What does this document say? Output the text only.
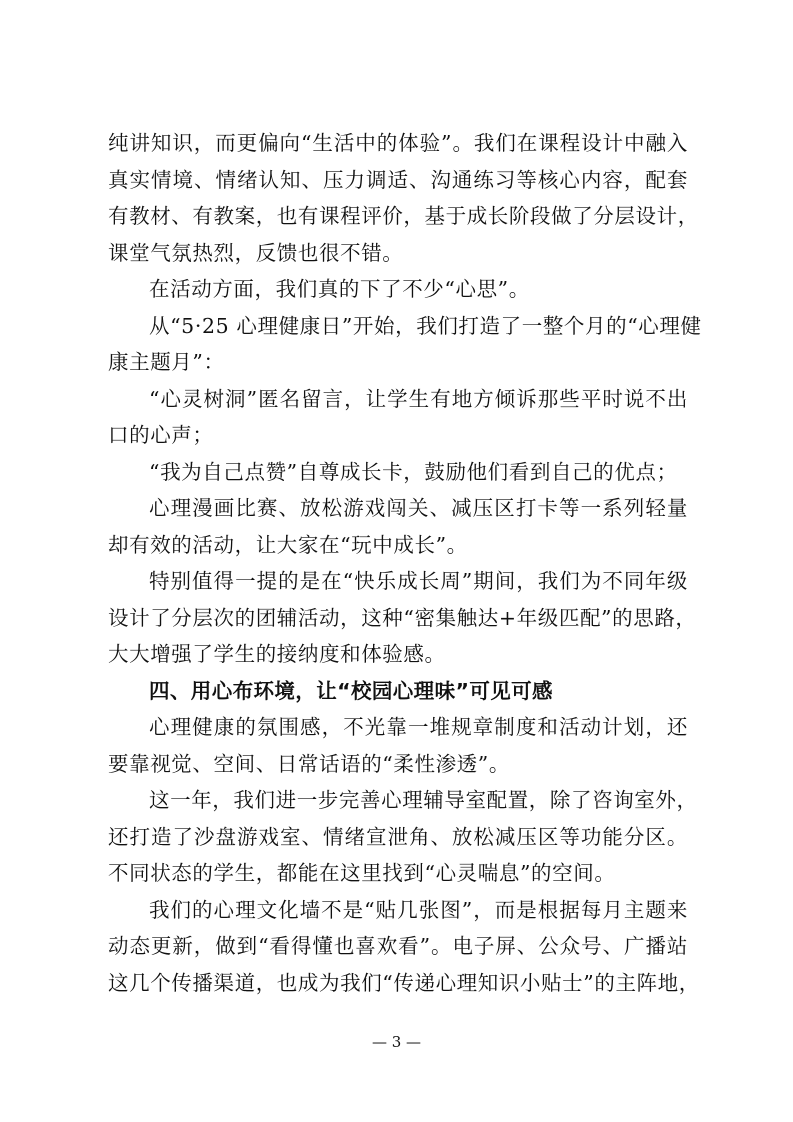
纯讲知识，而更偏向“生活中的体验”。我们在课程设计中融入
真实情境、情绪认知、压力调适、沟通练习等核心内容，配套
有教材、有教案，也有课程评价，基于成长阶段做了分层设计，
课堂气氛热烈，反馈也很不错。
在活动方面，我们真的下了不少“心思”。
从“5·25 心理健康日”开始，我们打造了一整个月的“心理健
康主题月”：
“心灵树洞”匿名留言，让学生有地方倾诉那些平时说不出
口的心声；
“我为自己点赞”自尊成长卡，鼓励他们看到自己的优点；
心理漫画比赛、放松游戏闯关、减压区打卡等一系列轻量
却有效的活动，让大家在“玩中成长”。
特别值得一提的是在“快乐成长周”期间，我们为不同年级
设计了分层次的团辅活动，这种“密集触达+年级匹配”的思路，
大大增强了学生的接纳度和体验感。
四、用心布环境，让“校园心理味”可见可感
心理健康的氛围感，不光靠一堆规章制度和活动计划，还
要靠视觉、空间、日常话语的“柔性渗透”。
这一年，我们进一步完善心理辅导室配置，除了咨询室外，
还打造了沙盘游戏室、情绪宣泄角、放松减压区等功能分区。
不同状态的学生，都能在这里找到“心灵喘息”的空间。
我们的心理文化墙不是“贴几张图”，而是根据每月主题来
动态更新，做到“看得懂也喜欢看”。电子屏、公众号、广播站
这几个传播渠道，也成为我们“传递心理知识小贴士”的主阵地，
— 3 —
